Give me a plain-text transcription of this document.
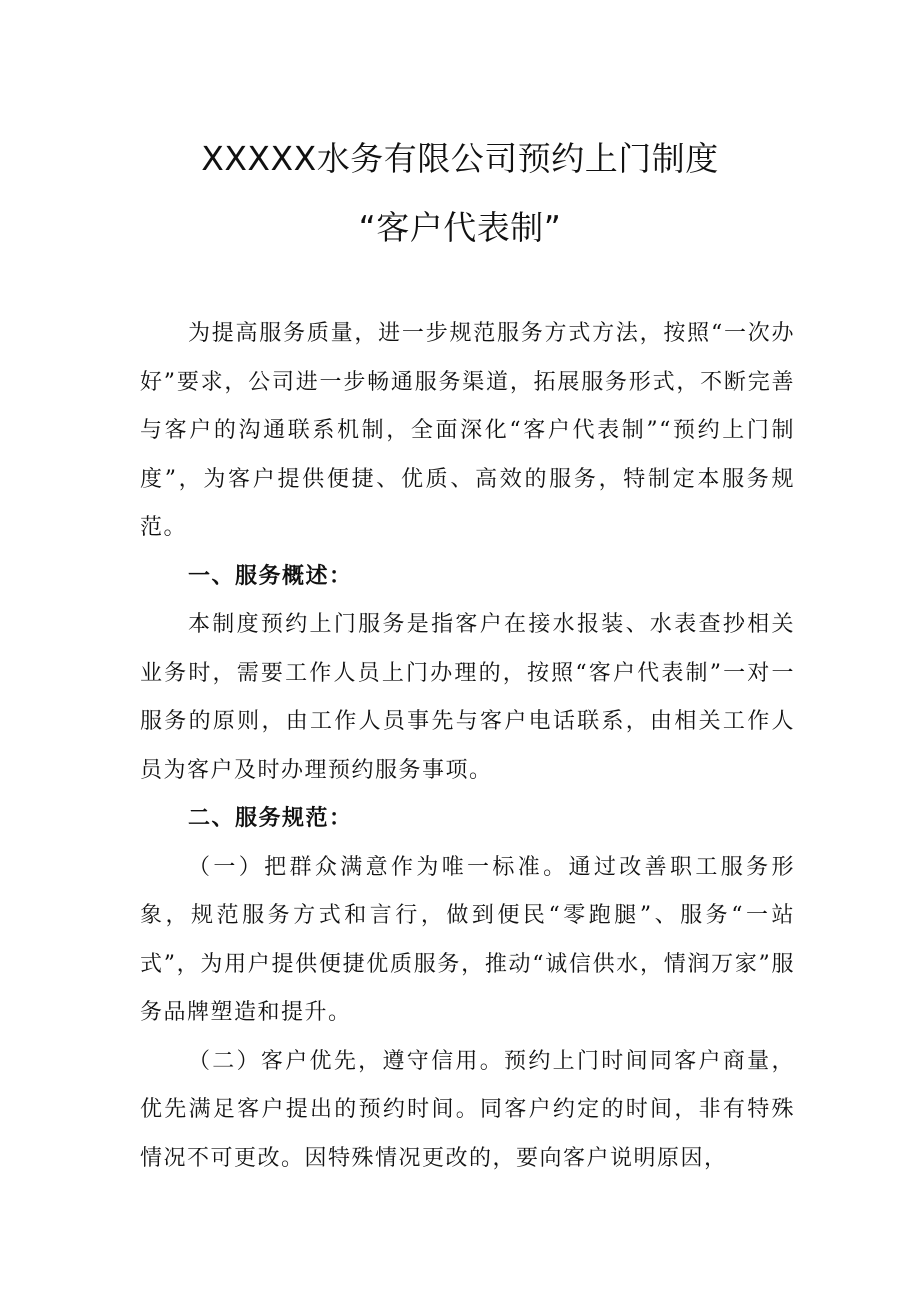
XXXXX水务有限公司预约上门制度
“客户代表制”

为提高服务质量，进一步规范服务方式方法，按照“一次办好”要求，公司进一步畅通服务渠道，拓展服务形式，不断完善与客户的沟通联系机制，全面深化“客户代表制”“预约上门制度”，为客户提供便捷、优质、高效的服务，特制定本服务规范。

一、服务概述：

本制度预约上门服务是指客户在接水报装、水表查抄相关业务时，需要工作人员上门办理的，按照“客户代表制”一对一服务的原则，由工作人员事先与客户电话联系，由相关工作人员为客户及时办理预约服务事项。

二、服务规范：

（一）把群众满意作为唯一标准。通过改善职工服务形象，规范服务方式和言行，做到便民“零跑腿”、服务“一站式”，为用户提供便捷优质服务，推动“诚信供水，情润万家”服务品牌塑造和提升。

（二）客户优先，遵守信用。预约上门时间同客户商量，优先满足客户提出的预约时间。同客户约定的时间，非有特殊情况不可更改。因特殊情况更改的，要向客户说明原因，
